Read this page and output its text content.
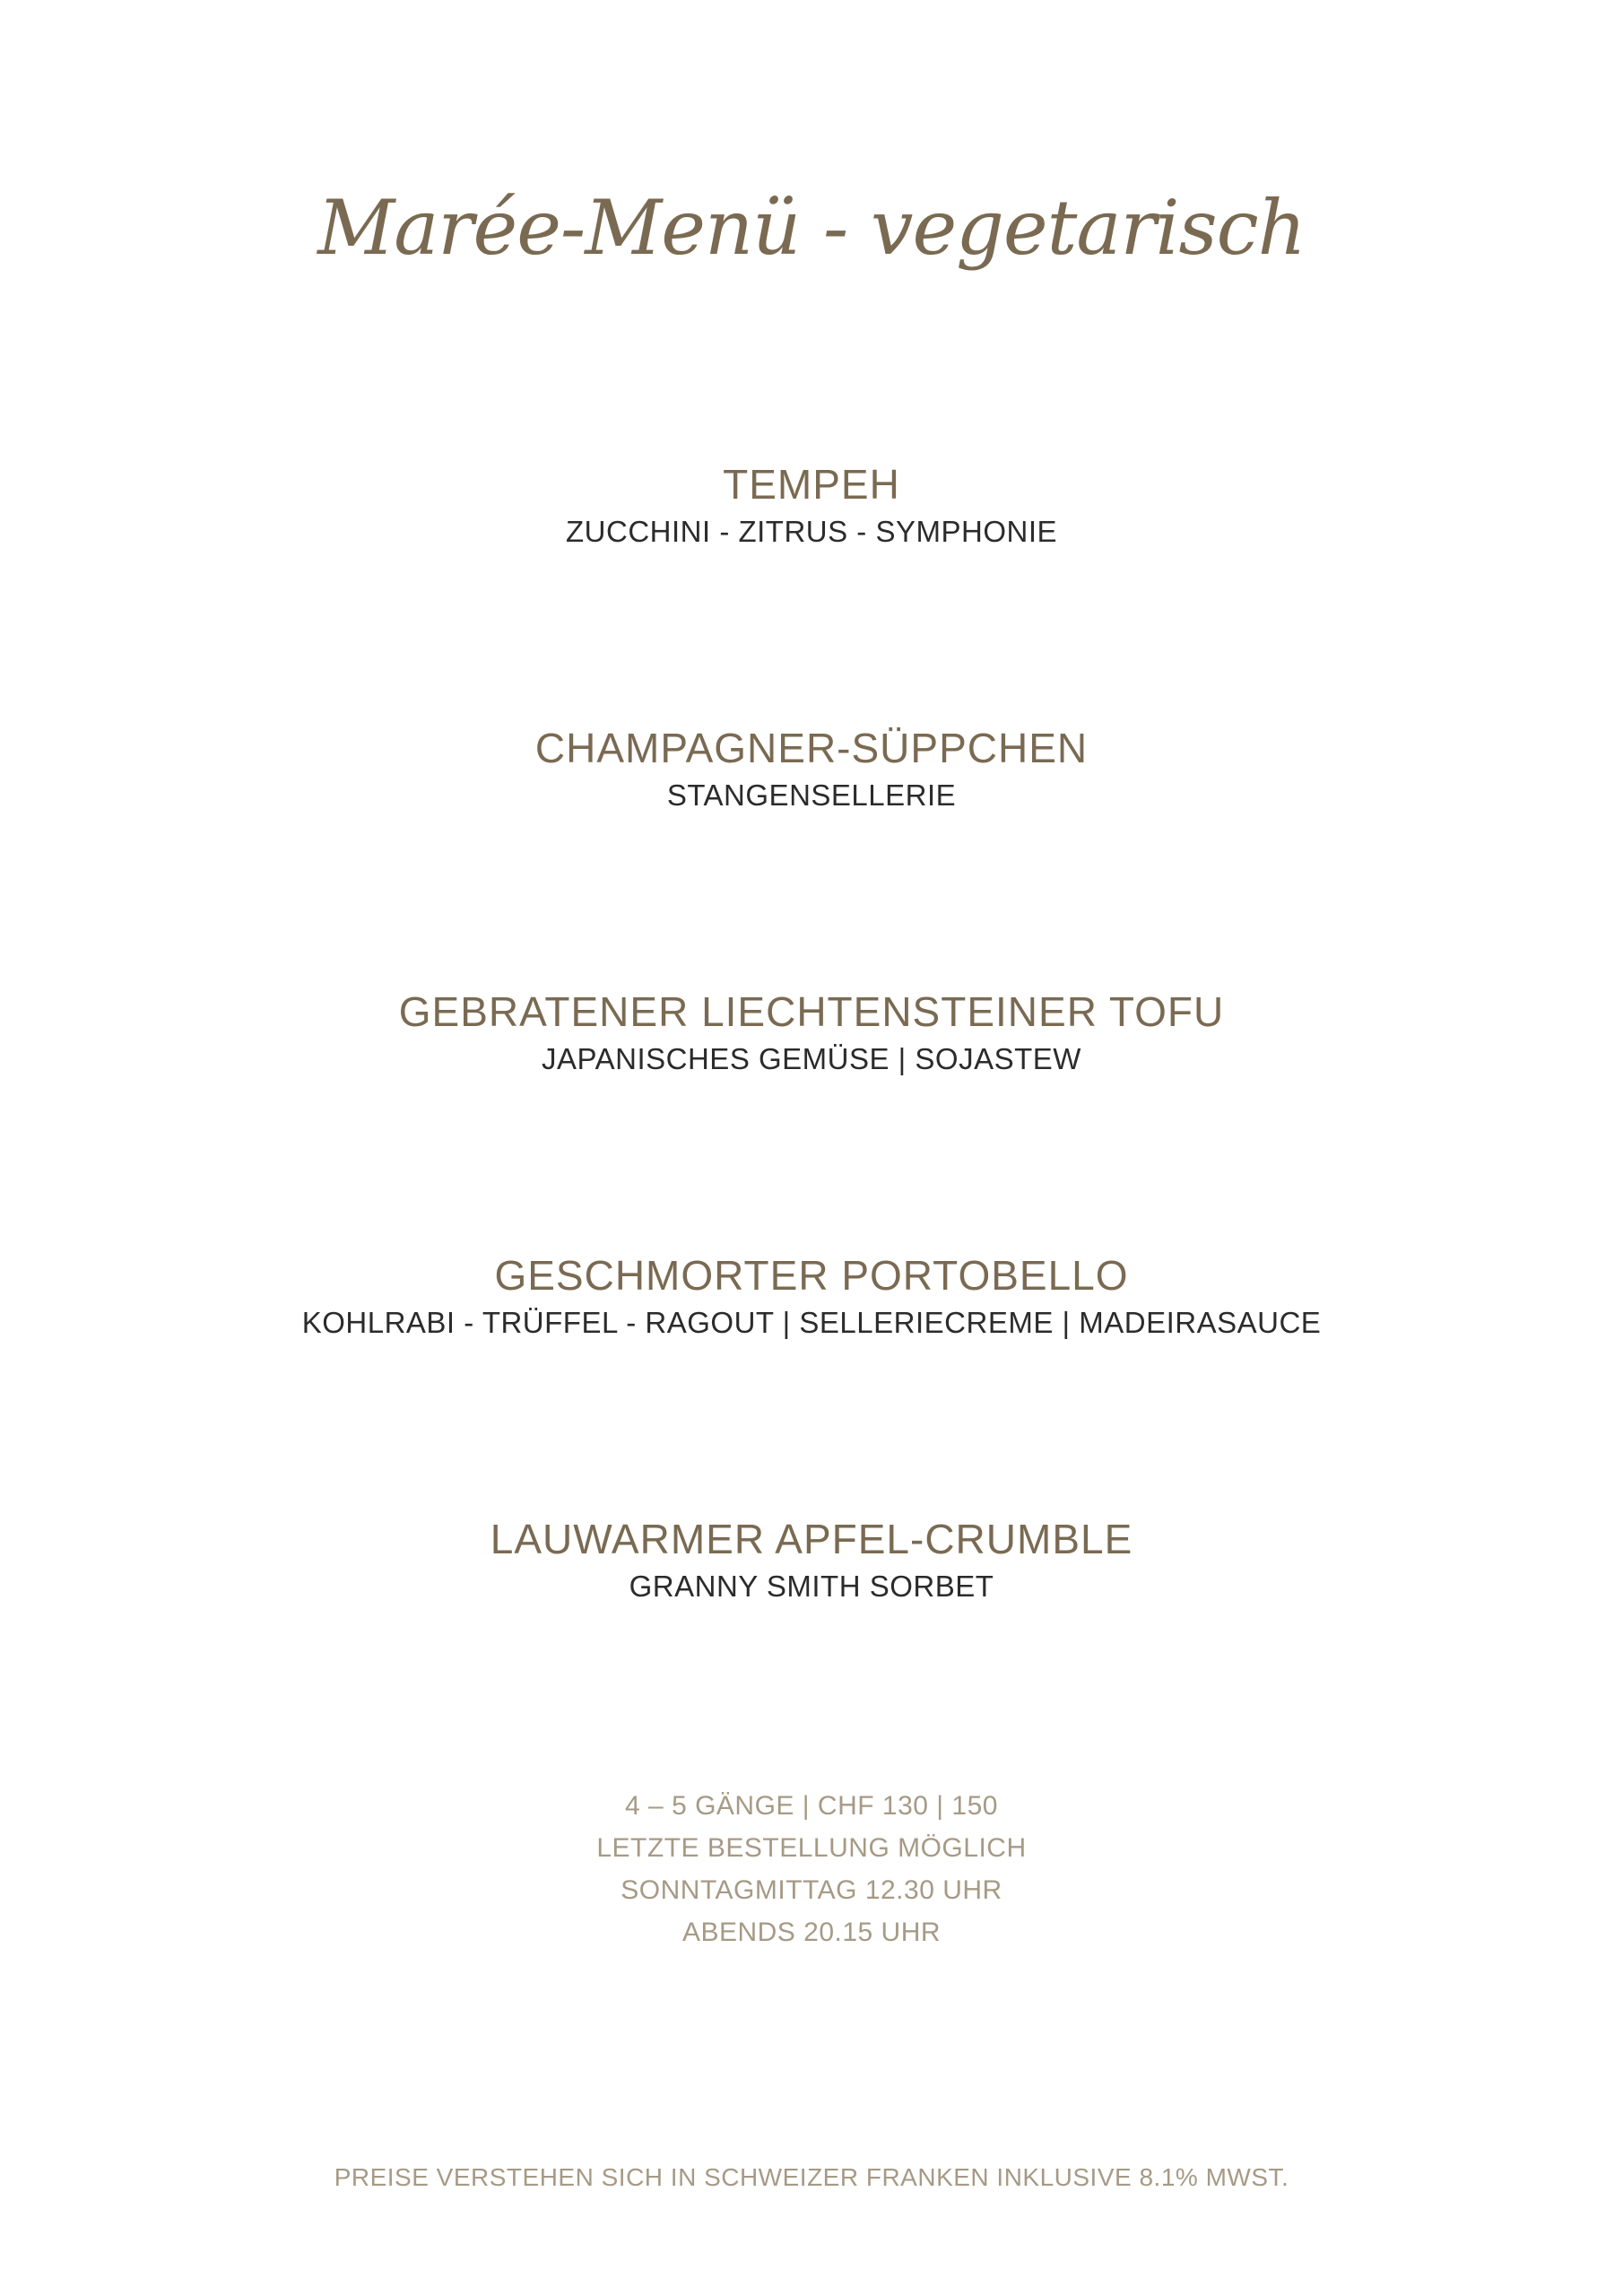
Marée-Menü - vegetarisch
TEMPEH
ZUCCHINI - ZITRUS - SYMPHONIE
CHAMPAGNER-SÜPPCHEN
STANGENSELLERIE
GEBRATENER LIECHTENSTEINER TOFU
JAPANISCHES GEMÜSE | SOJASTEW
GESCHMORTER PORTOBELLO
KOHLRABI - TRÜFFEL - RAGOUT | SELLERIECREME | MADEIRASAUCE
LAUWARMER APFEL-CRUMBLE
GRANNY SMITH SORBET
4 – 5 GÄNGE | CHF 130 | 150
LETZTE BESTELLUNG MÖGLICH
SONNTAGMITTAG 12.30 UHR
ABENDS 20.15 UHR
PREISE VERSTEHEN SICH IN SCHWEIZER FRANKEN INKLUSIVE 8.1% MWST.
